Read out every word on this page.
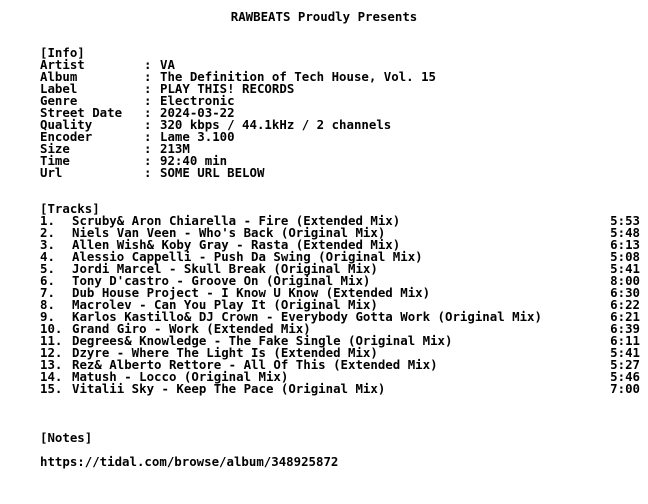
RAWBEATS Proudly Presents

[Info]

Artist	: VA
Album	: The Definition of Tech House, Vol. 15
Label	: PLAY THIS! RECORDS
Genre	: Electronic
Street Date : 2024-03-22
Quality	: 320 kbps / 44.1kHz / 2 channels
Encoder	: Lame 3.100
Size	: 213M
Time	: 92:40 min
Url	: SOME URL BELOW

[Tracks]

1. Scruby& Aron Chiarella - Fire (Extended Mix)	5:53
2. Niels Van Veen - Who's Back (Original Mix)	5:48
3. Allen Wish& Koby Gray - Rasta (Extended Mix)	6:13
4. Alessio Cappelli - Push Da Swing (Original Mix)	5:08
5. Jordi Marcel - Skull Break (Original Mix)	5:41
6. Tony D'castro - Groove On (Original Mix)	8:00
7. Dub House Project - I Know U Know (Extended Mix)	6:30
8. Macrolev - Can You Play It (Original Mix)	6:22
9. Karlos Kastillo& DJ Crown - Everybody Gotta Work (Original Mix)	6:21
10. Grand Giro - Work (Extended Mix)	6:39
11. Degrees& Knowledge - The Fake Single (Original Mix)	6:11
12. Dzyre - Where The Light Is (Extended Mix)	5:41
13. Rez& Alberto Rettore - All Of This (Extended Mix)	5:27
14. Matush - Locco (Original Mix)	5:46
15. Vitalii Sky - Keep The Pace (Original Mix)	7:00

[Notes]

https://tidal.com/browse/album/348925872
